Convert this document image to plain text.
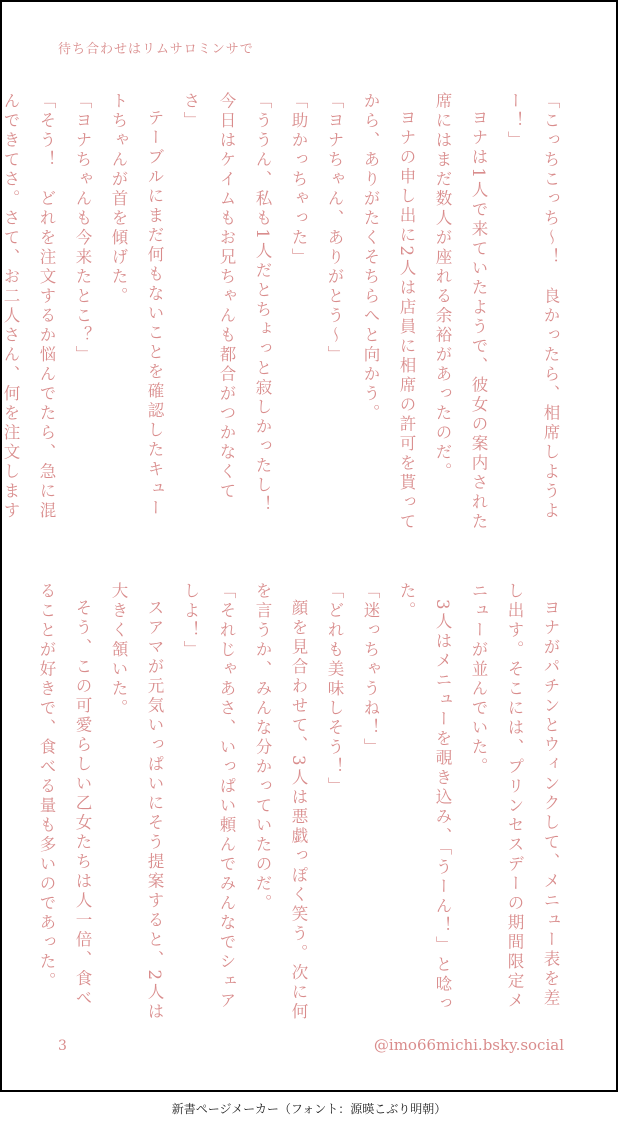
待ち合わせはリムサロミンサで

「こっちこっち〜！　良かったら、相席しようよー！」

ヨナは1人で来ていたようで、彼女の案内された席にはまだ数人が座れる余裕があったのだ。

ヨナの申し出に2人は店員に相席の許可を貰ってから、ありがたくそちらへと向かう。

「ヨナちゃん、ありがとう〜」

「助かっちゃった」

「ううん、私も1人だとちょっと寂しかったし！　今日はケイムもお兄ちゃんも都合がつかなくてさ」

テーブルにまだ何もないことを確認したキュートちゃんが首を傾げた。

「ヨナちゃんも今来たとこ？」

「そう！　どれを注文するか悩んでたら、急に混んできてさ。さて、お二人さん、何を注文します

ヨナがパチンとウィンクして、メニュー表を差し出す。そこには、プリンセスデーの期間限定メニューが並んでいた。

3人はメニューを覗き込み、「うーん！」と唸った。

「迷っちゃうね！」

「どれも美味しそう！」

顔を見合わせて、3人は悪戯っぽく笑う。次に何を言うか、みんな分かっていたのだ。

「それじゃあさ、いっぱい頼んでみんなでシェアしよ！」

スアマが元気いっぱいにそう提案すると、2人は大きく頷いた。

そう、この可愛らしい乙女たちは人一倍、食べることが好きで、食べる量も多いのであった。

3	@imo66michi.bsky.social
新書ページメーカー（フォント：源暎こぶり明朝）
